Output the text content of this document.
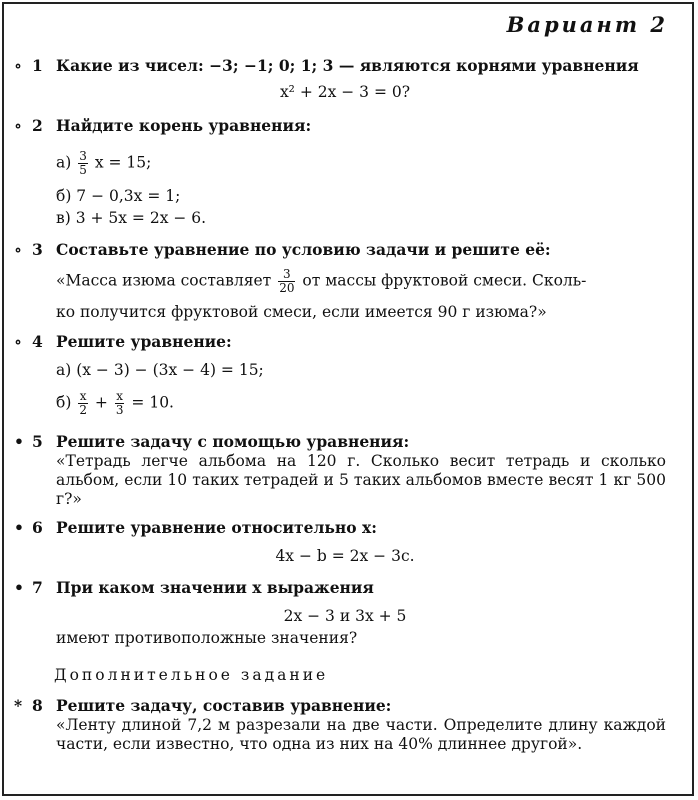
Вариант 2
∘ 1 Какие из чисел: −3; −1; 0; 1; 3 — являются корнями уравнения
x² + 2x − 3 = 0?
∘ 2 Найдите корень уравнения:
$а) \frac{3}{5}$ x = 15;
б) 7 − 0,3x = 1;
в) 3 + 5x = 2x − 6.
∘ 3 Составьте уравнение по условию задачи и решите её:
«Масса изюма составляет $\frac{3}{20}$ от массы фруктовой смеси. Сколь-
ко получится фруктовой смеси, если имеется 90 г изюма?»
∘ 4 Решите уравнение:
а) (x − 3) − (3x − 4) = 15;
$б) \frac{x}{2} + \frac{x}{3} = 10$.
• 5 Решите задачу с помощью уравнения:
«Тетрадь легче альбома на 120 г. Сколько весит тетрадь и сколько альбом, если 10 таких тетрадей и 5 таких альбомов вместе весят 1 кг 500 г?»
• 6 Решите уравнение относительно x:
4x − b = 2x − 3c.
• 7 При каком значении x выражения
2x − 3 и 3x + 5
имеют противоположные значения?
Дополнительное задание
* 8 Решите задачу, составив уравнение:
«Ленту длиной 7,2 м разрезали на две части. Определите длину каждой части, если известно, что одна из них на 40% длиннее другой».
